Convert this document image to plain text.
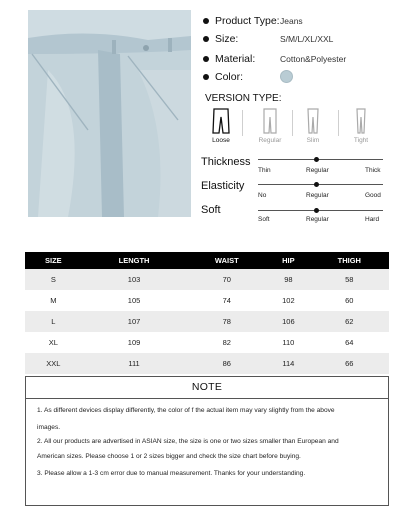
Product Type: Jeans
Size:	S/M/L/XL/XXL
Material:	Cotton&Polyester
Color:
VERSION TYPE:
Loose	Regular	Slim	Tight
Thickness
Thin	Regular	Thick
Elasticity
No	Regular	Good
Soft
Soft	Regular	Hard
SIZE	LENGTH	WAIST	HIP	THIGH
S	103	70	98	58
M	105	74	102	60
L	107	78	106	62
XL	109	82	110	64
XXL	111	86	114	66
NOTE
1. As different devices display differently, the color of f the actual item may vary slightly from the above
images.
2. All our products are advertised in ASIAN size, the size is one or two sizes smaller than European and
American sizes. Please choose 1 or 2 sizes bigger and check the size chart before buying.
3. Please allow a 1-3 cm error due to manual measurement. Thanks for your understanding.
